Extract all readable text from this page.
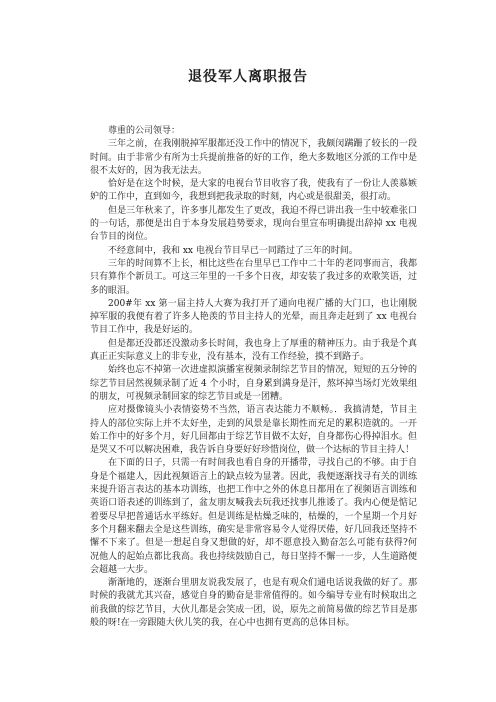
退役军人离职报告

尊重的公司领导：

三年之前，在我刚脱掉军服都还没工作中的情况下，我颇闵蹒跚了较长的一段时间。由于非常少有所为士兵提前推备的好的工作，绝大多数地区分派的工作中是很不太好的，因为我无法去。

恰好是在这个时候，是大家的电视台节目收容了我，使我有了一份让人羡慕嫉妒的工作中，直到如今，我想到把我录取的时刻，内心或是很甜美，很打动。

但是三年秋来了，许多事儿都发生了更改，我迫不得已讲出我一生中较难张口的一句话，那便是出自于本身发展趋势要求，现向台里宣布明确提出辞掉 xx 电视台节目的岗位。

不经意间中，我和 xx 电视台节目早已一同踏过了三年的时间。

三年的时间算不上长，相比这些在台里早已工作中二十年的老同事而言，我都只有算作个新员工。可这三年里的一千多个日夜，却安装了我过多的欢歌笑语，过多的眼泪。

200#年 xx 第一届主持人大赛为我打开了通向电视广播的大门口，也让刚脱掉军服的我便有着了许多人艳羡的节目主持人的光晕，而且奔走赶到了 xx 电视台节目工作中，我是好运的。

但是都还没都还没激动多长时间，我也身上了厚重的精神压力。由于我是个真真正正实际意义上的非专业，没有基本，没有工作经验，摸不到路子。

始终也忘不掉第一次进虚拟演播室视频录制综艺节目的情况，短短的五分钟的综艺节目居然视频录制了近 4 个小时，自身累到满身是汗，熬坏掉当场灯光效果组的朋友，可视频录制回家的综艺节目或是一团糟。

应对摄像镜头小表情姿势不当然，语言表达能力不顺畅。．我搞清楚，节目主持人的部位实际上并不太好坐，走到的风景是靠长期性而充足的累积造就的。一开始工作中的好多个月，好几回都由于综艺节目做不太好，自身都伤心得掉泪水。但是哭又不可以解决困难，我告诉自身要好好珍惜岗位，做一个达标的节目主持人！

在下面的日子，只需一有时间我也看自身的开播带，寻找自己的不够。由于自身是个福建人，因此视频语言上的缺点较为显著。因此，我便逐渐找寻有关的训练来提升语言表达的基本功训练，也把工作中之外的休息日都用在了视频语言训练和英语口语表述的训练到了，盆友朋友喊我去玩我还找事儿推诿了。我内心便是惦记着要尽早把普通话水平练好。但是训练是枯燥乏味的，枯燥的，一个星期一个月好多个月翻来翻去全是这些训练，确实是非常容易令人觉得厌倦，好几回我还坚持不懈不下来了。但是一想起自身又想做的好，却不愿意投入勤奋怎么可能有获得?何况他人的起始点都比我高。我也持续鼓励自己，每日坚持不懈一一步，人生道路便会超越一大步。

渐渐地的，逐渐台里朋友说我发展了，也是有观众们通电话说我做的好了。那时候的我就尤其兴奋，感觉自身的勤奋是非常值得的。如今编导专业有时候取出之前我做的综艺节目，大伙儿都是会笑成一团，说，原先之前简易做的综艺节目是那般的呀!在一旁跟随大伙儿笑的我，在心中也拥有更高的总体目标。
